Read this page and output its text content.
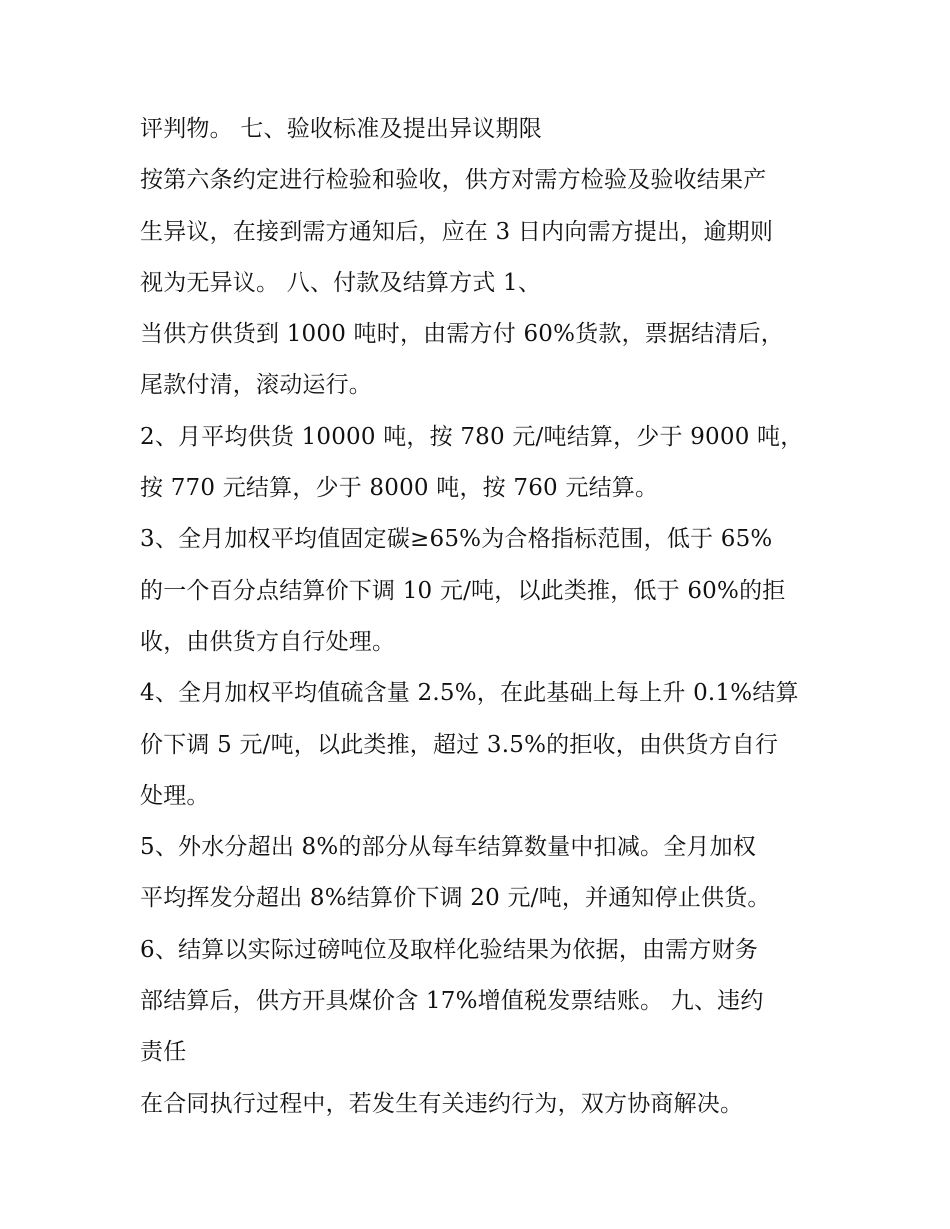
评判物。 七、验收标准及提出异议期限
按第六条约定进行检验和验收，供方对需方检验及验收结果产
生异议，在接到需方通知后，应在 3 日内向需方提出，逾期则
视为无异议。 八、付款及结算方式 1、
当供方供货到 1000 吨时，由需方付 60%货款，票据结清后，
尾款付清，滚动运行。
2、月平均供货 10000 吨，按 780 元/吨结算，少于 9000 吨，
按 770 元结算，少于 8000 吨，按 760 元结算。
3、全月加权平均值固定碳≥65%为合格指标范围，低于 65%
的一个百分点结算价下调 10 元/吨，以此类推，低于 60%的拒
收，由供货方自行处理。
4、全月加权平均值硫含量 2.5%，在此基础上每上升 0.1%结算
价下调 5 元/吨，以此类推，超过 3.5%的拒收，由供货方自行
处理。
5、外水分超出 8%的部分从每车结算数量中扣减。全月加权
平均挥发分超出 8%结算价下调 20 元/吨，并通知停止供货。
6、结算以实际过磅吨位及取样化验结果为依据，由需方财务
部结算后，供方开具煤价含 17%增值税发票结账。 九、违约
责任
在合同执行过程中，若发生有关违约行为，双方协商解决。
